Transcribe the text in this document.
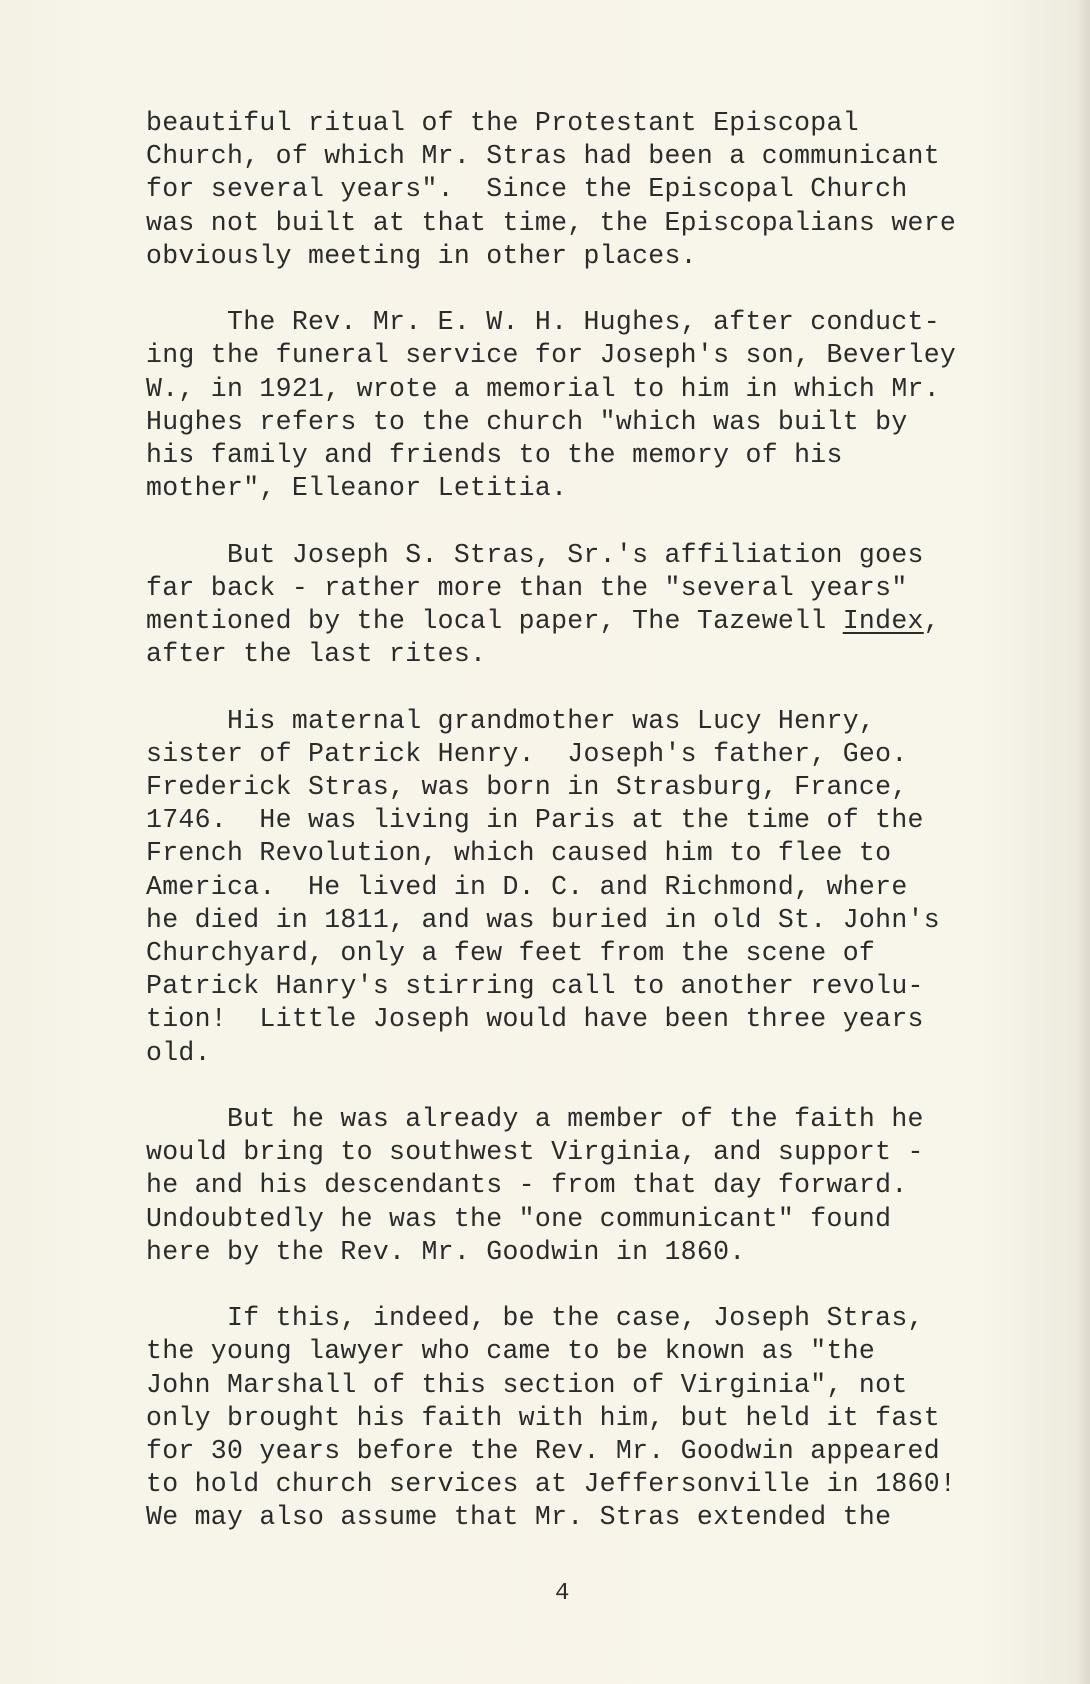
beautiful ritual of the Protestant Episcopal
Church, of which Mr. Stras had been a communicant
for several years".  Since the Episcopal Church
was not built at that time, the Episcopalians were
obviously meeting in other places.
The Rev. Mr. E. W. H. Hughes, after conduct-
ing the funeral service for Joseph's son, Beverley
W., in 1921, wrote a memorial to him in which Mr.
Hughes refers to the church "which was built by
his family and friends to the memory of his
mother", Elleanor Letitia.
But Joseph S. Stras, Sr.'s affiliation goes
far back - rather more than the "several years"
mentioned by the local paper, The Tazewell Index,
after the last rites.
His maternal grandmother was Lucy Henry,
sister of Patrick Henry.  Joseph's father, Geo.
Frederick Stras, was born in Strasburg, France,
1746.  He was living in Paris at the time of the
French Revolution, which caused him to flee to
America.  He lived in D. C. and Richmond, where
he died in 1811, and was buried in old St. John's
Churchyard, only a few feet from the scene of
Patrick Hanry's stirring call to another revolu-
tion!  Little Joseph would have been three years
old.
But he was already a member of the faith he
would bring to southwest Virginia, and support -
he and his descendants - from that day forward.
Undoubtedly he was the "one communicant" found
here by the Rev. Mr. Goodwin in 1860.
If this, indeed, be the case, Joseph Stras,
the young lawyer who came to be known as "the
John Marshall of this section of Virginia", not
only brought his faith with him, but held it fast
for 30 years before the Rev. Mr. Goodwin appeared
to hold church services at Jeffersonville in 1860!
We may also assume that Mr. Stras extended the
4
